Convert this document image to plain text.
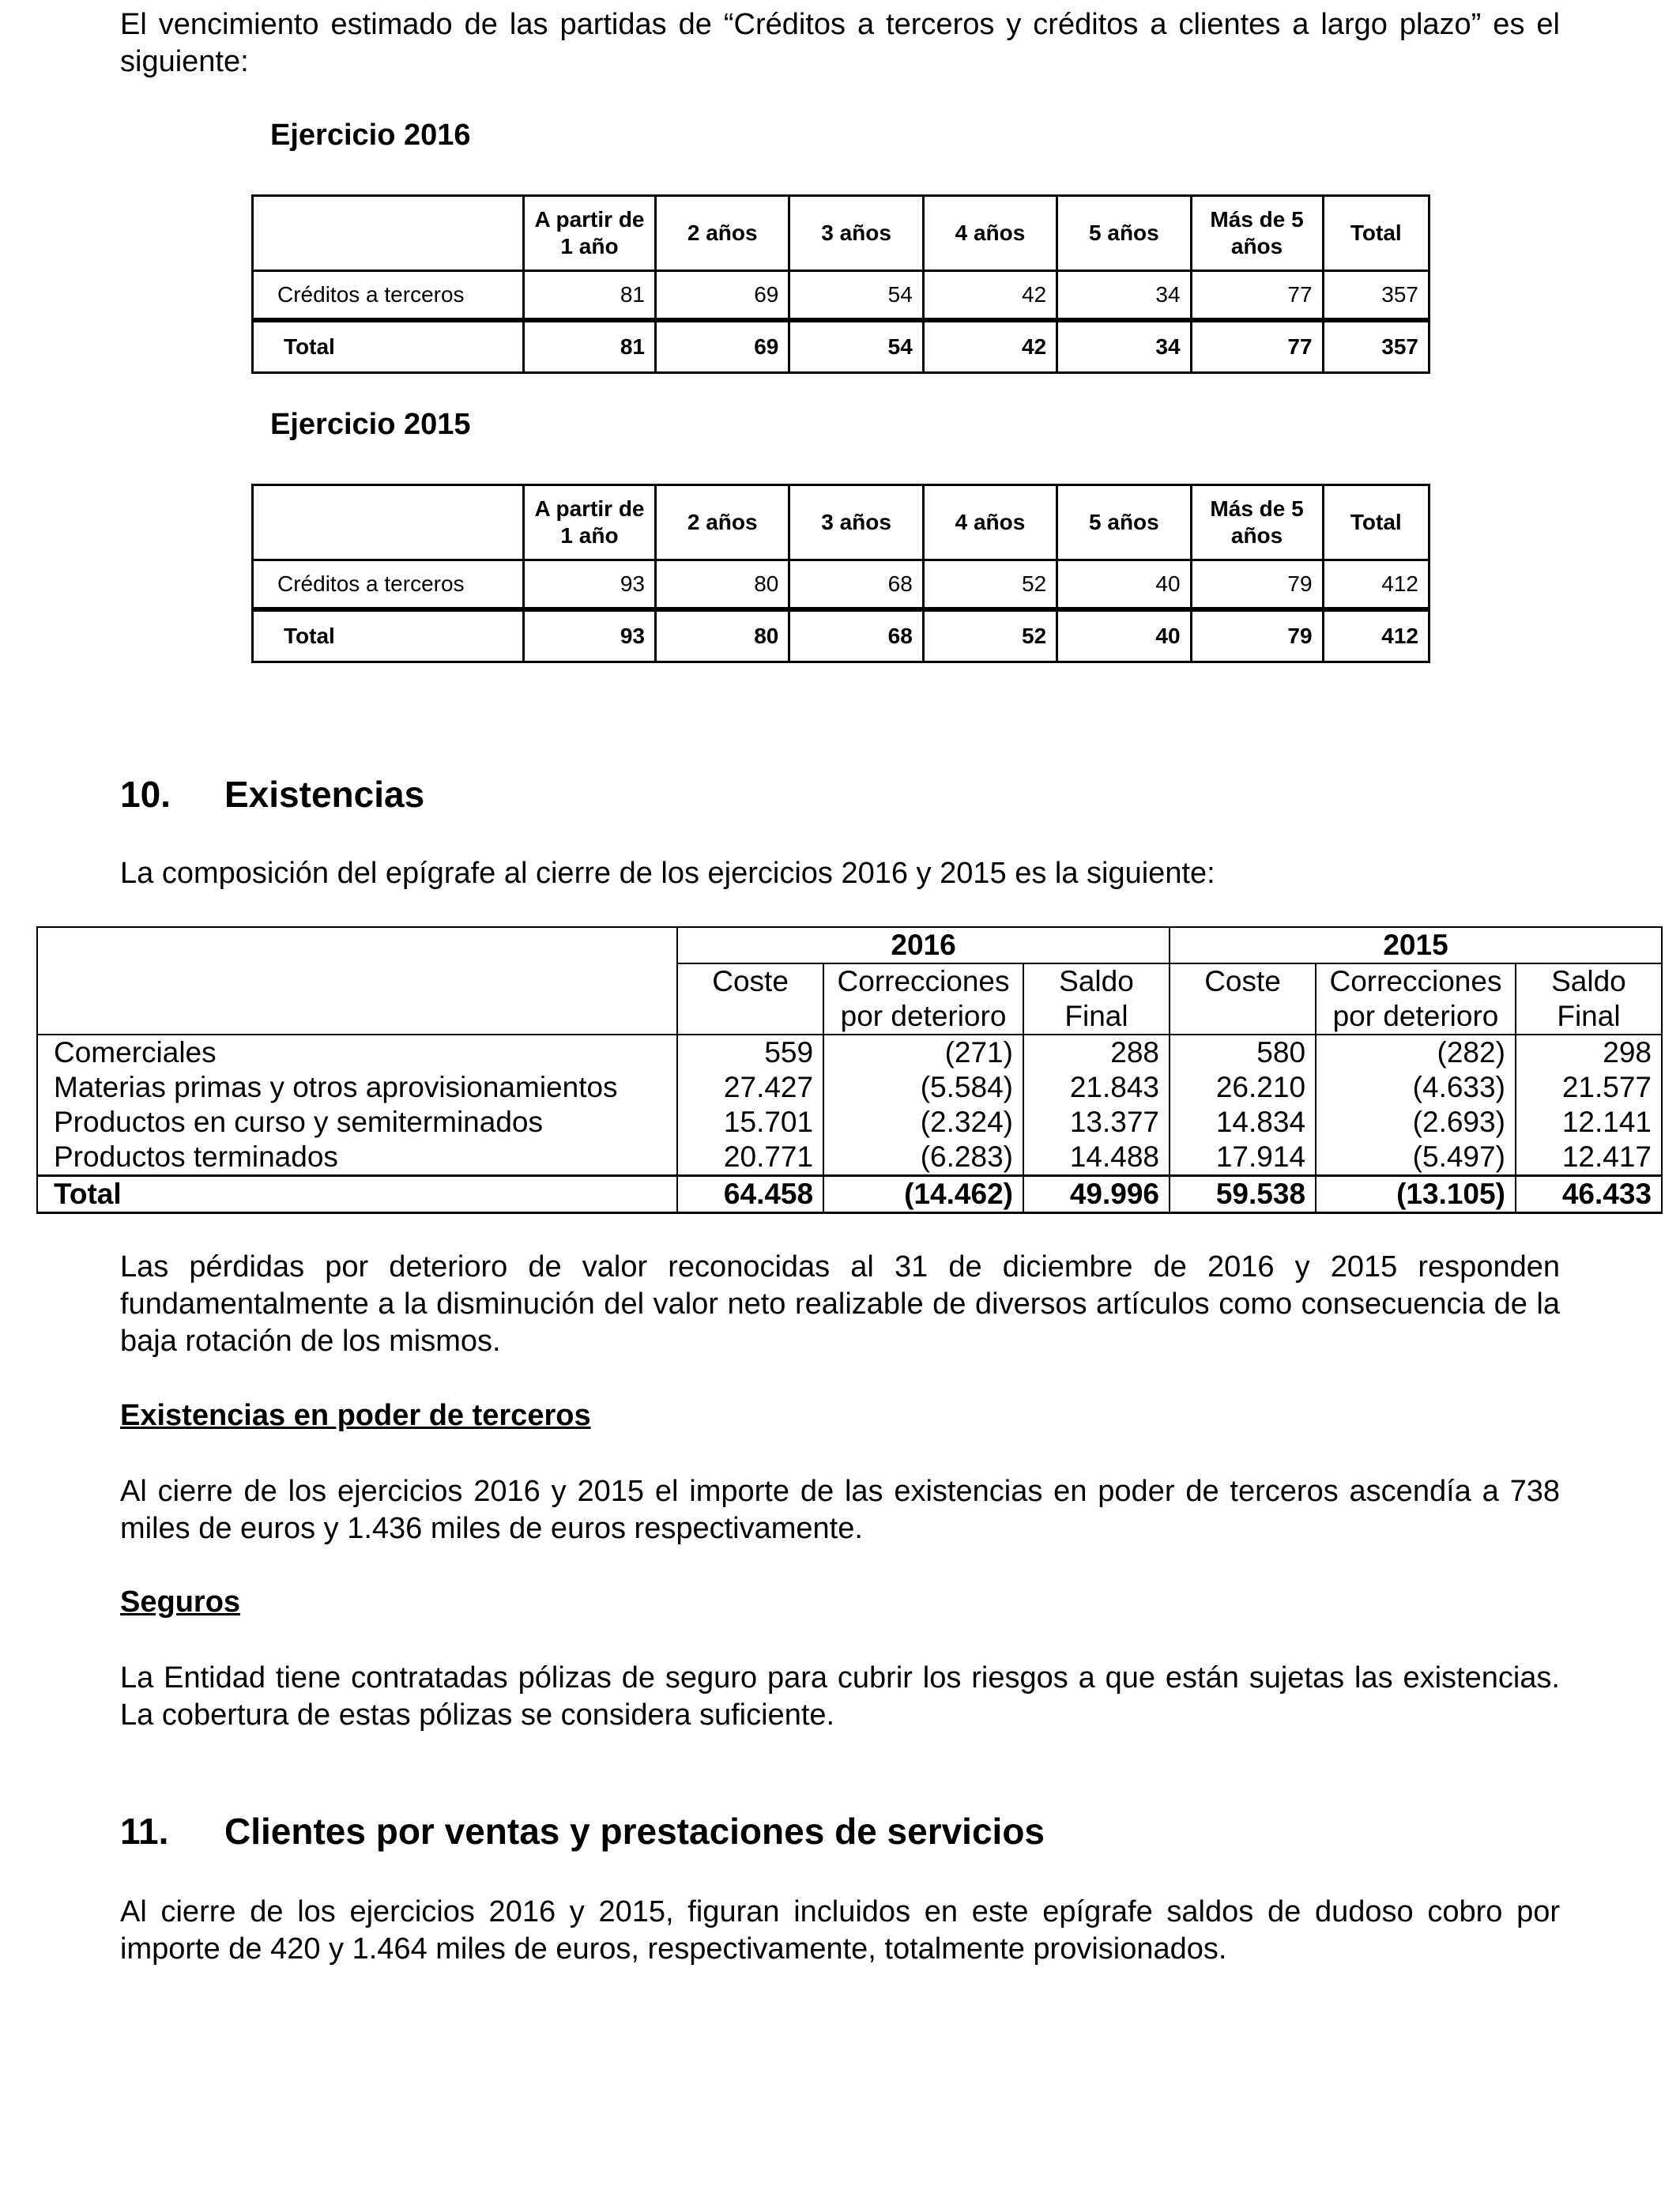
El vencimiento estimado de las partidas de “Créditos a terceros y créditos a clientes a largo plazo” es el siguiente:

Ejercicio 2016

	A partir de 1 año	2 años	3 años	4 años	5 años	Más de 5 años	Total
Créditos a terceros	81	69	54	42	34	77	357
Total	81	69	54	42	34	77	357

Ejercicio 2015

	A partir de 1 año	2 años	3 años	4 años	5 años	Más de 5 años	Total
Créditos a terceros	93	80	68	52	40	79	412
Total	93	80	68	52	40	79	412
10. Existencias

La composición del epígrafe al cierre de los ejercicios 2016 y 2015 es la siguiente:

	2016			2015		
	Coste	Correcciones por deterioro	Saldo Final	Coste	Correcciones por deterioro	Saldo Final
Comerciales	559	(271)	288	580	(282)	298
Materias primas y otros aprovisionamientos	27.427	(5.584)	21.843	26.210	(4.633)	21.577
Productos en curso y semiterminados	15.701	(2.324)	13.377	14.834	(2.693)	12.141
Productos terminados	20.771	(6.283)	14.488	17.914	(5.497)	12.417
Total	64.458	(14.462)	49.996	59.538	(13.105)	46.433

Las pérdidas por deterioro de valor reconocidas al 31 de diciembre de 2016 y 2015 responden fundamentalmente a la disminución del valor neto realizable de diversos artículos como consecuencia de la baja rotación de los mismos.

Existencias en poder de terceros

Al cierre de los ejercicios 2016 y 2015 el importe de las existencias en poder de terceros ascendía a 738 miles de euros y 1.436 miles de euros respectivamente.

Seguros

La Entidad tiene contratadas pólizas de seguro para cubrir los riesgos a que están sujetas las existencias. La cobertura de estas pólizas se considera suficiente.

11. Clientes por ventas y prestaciones de servicios

Al cierre de los ejercicios 2016 y 2015, figuran incluidos en este epígrafe saldos de dudoso cobro por importe de 420 y 1.464 miles de euros, respectivamente, totalmente provisionados.
